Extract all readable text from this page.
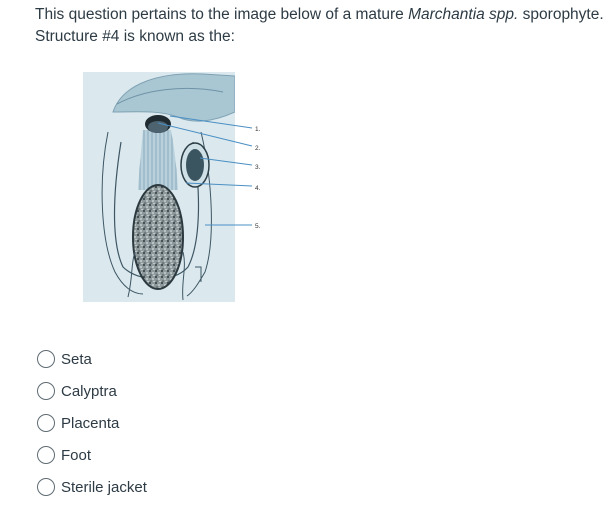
This question pertains to the image below of a mature Marchantia spp. sporophyte.
Structure #4 is known as the:
1.
2.
3.
4.
5.
Seta
Calyptra
Placenta
Foot
Sterile jacket
